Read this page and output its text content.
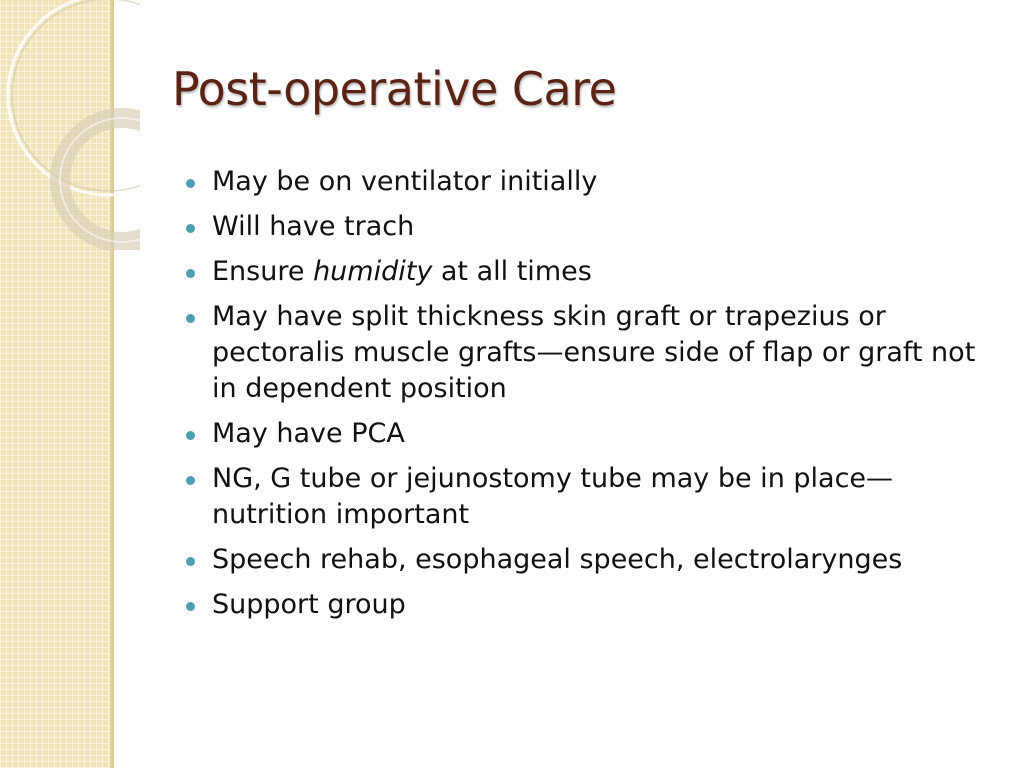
Post-operative Care
May be on ventilator initially
Will have trach
Ensure humidity at all times
May have split thickness skin graft or trapezius or pectoralis muscle grafts—ensure side of flap or graft not in dependent position
May have PCA
NG, G tube or jejunostomy tube may be in place—nutrition important
Speech rehab, esophageal speech, electrolarynges
Support group
